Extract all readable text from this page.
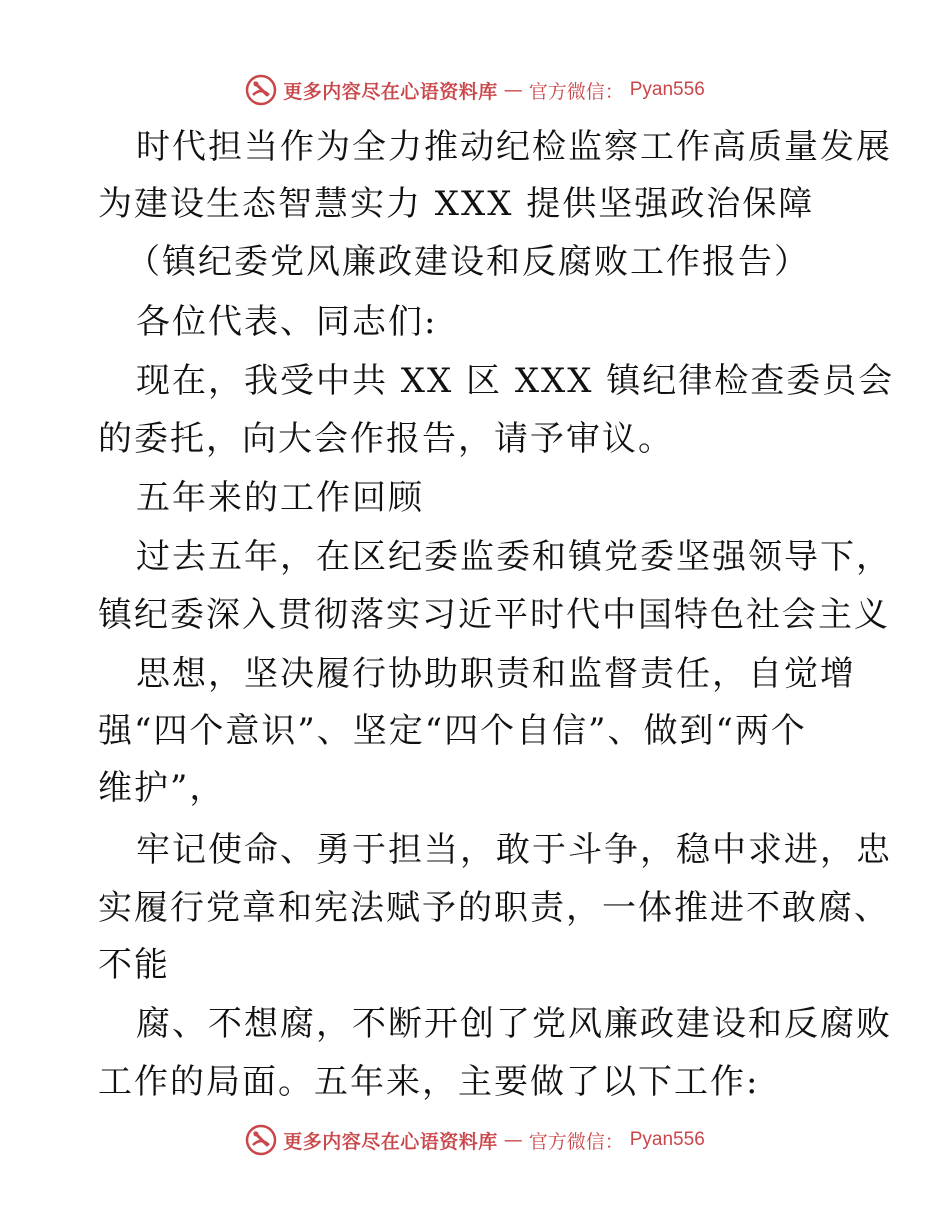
更多内容尽在心语资料库 — 官方微信： Pyan556
时代担当作为全力推动纪检监察工作高质量发展
为建设生态智慧实力 XXX 提供坚强政治保障
（镇纪委党风廉政建设和反腐败工作报告）
各位代表、同志们:
现在，我受中共 XX 区 XXX 镇纪律检查委员会
的委托，向大会作报告，请予审议。
五年来的工作回顾
过去五年，在区纪委监委和镇党委坚强领导下，
镇纪委深入贯彻落实习近平时代中国特色社会主义
思想，坚决履行协助职责和监督责任，自觉增
强“四个意识”、坚定“四个自信”、做到“两个
维护”，
牢记使命、勇于担当，敢于斗争，稳中求进，忠
实履行党章和宪法赋予的职责，一体推进不敢腐、
不能
腐、不想腐，不断开创了党风廉政建设和反腐败
工作的局面。五年来，主要做了以下工作:
更多内容尽在心语资料库 — 官方微信： Pyan556
